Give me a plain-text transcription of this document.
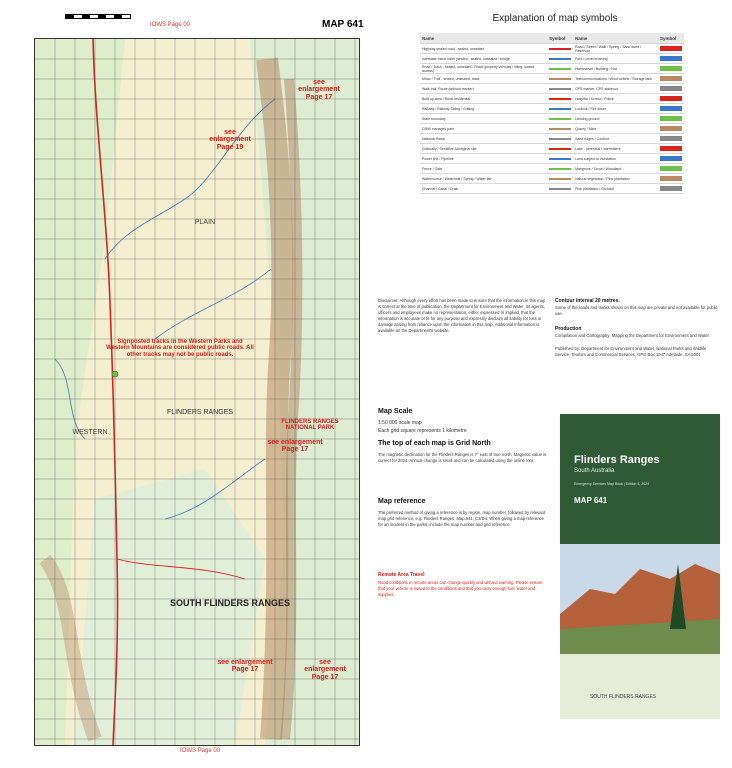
IOWS Page 00	MAP 641
see enlargement Page 19
see enlargement Page 17
Signposted tracks in the Western Parks and Western Mountains are considered public roads. All other tracks may not be public roads.
FLINDERS RANGES NATIONAL PARK
FLINDERS RANGES
SOUTH FLINDERS RANGES
PLAIN
WESTERN
see enlargement Page 17
see enlargement Page 17
see enlargement Page 17
IOWS Page 00
Explanation of map symbols
Name	Symbol	Name	Symbol
Highway sealed road - sealed, unsealed		Road / Street / Walk / Spring / Sand dune / Reservoir	
Interstate minor roller (sealed - sealed, unsealed / bridge		Ford / Level crossing	
Road / Track - sealed, unsealed / Road (property vehicles / tilling, locked access)		Homestead / Building / Hut	
Minor / Trail - sealed, unsealed, track		Telecommunications / Wind turbine / Storage tank	
Walk trail, Route (without marker)		GPS marker, GPS stakeout	
Built-up area / Rural residential		Hospital / School / Police	
Railway / Railway Siding / Cutting		Lookout / Fire tower	
State boundary		Landing ground	
CMW managed park		Quarry / Mine	
National Parks		Sand ridges / Contour	
Culturally / Sensitive Aboriginal site		Lake - perennial / intermittent	
Power line / Pipeline		Land subject to inundation	
Fence / Gate		Mangrove / Scrub / Woodland	
Watercourse / Waterhole / Spring / Water fall		Natural vegetation / Pine plantation	
Channel / Canal / Drain		Pine plantation / Orchard	
Disclaimer: Although every effort has been made to ensure that the information in this map is correct at the time of publication, the Department for Environment and Water, its agents, officers and employees make no representation, either expressed or implied, that the information is accurate or fit for any purpose and expressly disclaim all liability for loss or damage arising from reliance upon the information in this map. Additional information is available on the Department's website.
Contour interval 20 metres.
Some of the roads and tracks shown on this map are private and not available for public use.
Production
Compilation and Cartography: Mapping the Department for Environment and Water.
Published by: Department for Environment and Water, National Parks and Wildlife Service, Tourism and Commercial Services, GPO Box 1047 Adelaide, SA 5001
Map Scale
1:50 000 scale map
Each grid square represents 1 kilometre
The top of each map is Grid North
The magnetic declination for the Flinders Ranges is 7° east of true north. Magnetic value is correct for 2024. Annual change is small and can be calculated using the online tool.
Map reference
The preferred method of giving a reference is by region, map number, followed by relevant map grid reference, e.g. Flinders Ranges, Map 641, C3/D4. When giving a map reference for an incident in the parks, include the map number and grid reference.
Remote Area Travel
Road conditions in remote areas can change quickly and without warning. Please ensure that your vehicle is suited to the conditions and that you carry enough fuel, water and supplies.
Flinders Ranges
South Australia
Emergency Services Map Book | Edition 4, 2024
MAP 641
SOUTH FLINDERS RANGES
